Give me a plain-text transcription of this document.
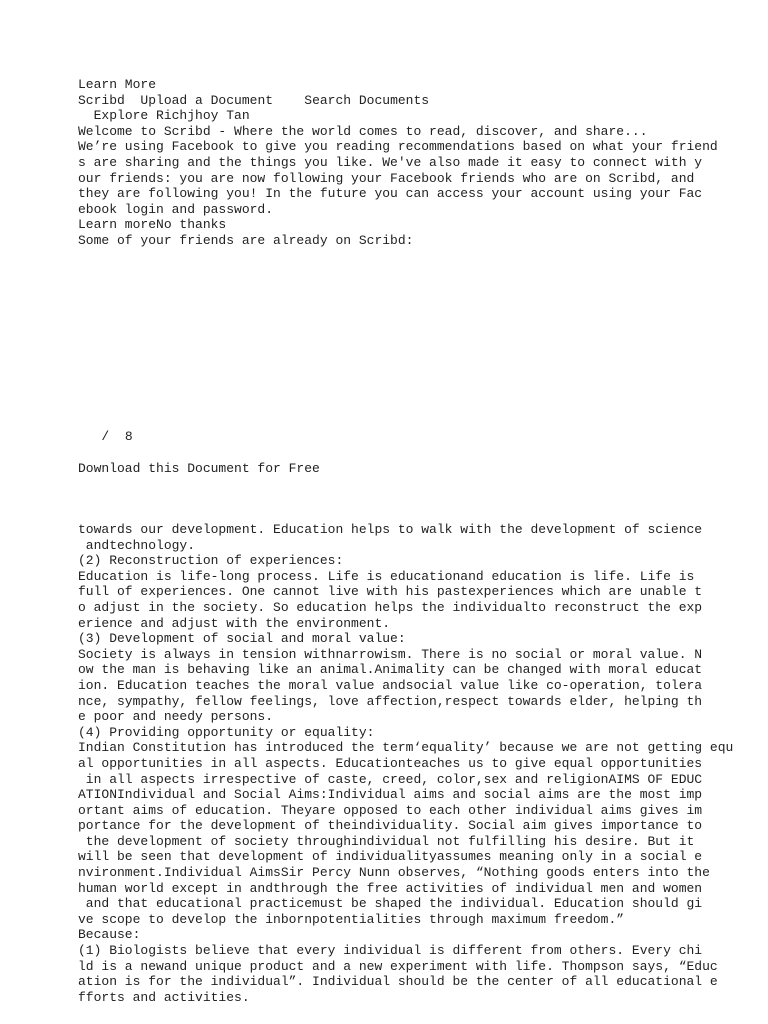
Learn More
Scribd Upload a Document Search Documents
Explore Richjhoy Tan
Welcome to Scribd - Where the world comes to read, discover, and share...
We’re using Facebook to give you reading recommendations based on what your friend
s are sharing and the things you like. We've also made it easy to connect with y
our friends: you are now following your Facebook friends who are on Scribd, and
they are following you! In the future you can access your account using your Fac
ebook login and password.
Learn moreNo thanks
Some of your friends are already on Scribd:
/ 8
Download this Document for Free
towards our development. Education helps to walk with the development of science
andtechnology.
(2) Reconstruction of experiences:
Education is life-long process. Life is educationand education is life. Life is
full of experiences. One cannot live with his pastexperiences which are unable t
o adjust in the society. So education helps the individualto reconstruct the exp
erience and adjust with the environment.
(3) Development of social and moral value:
Society is always in tension withnarrowism. There is no social or moral value. N
ow the man is behaving like an animal.Animality can be changed with moral educat
ion. Education teaches the moral value andsocial value like co-operation, tolera
nce, sympathy, fellow feelings, love affection,respect towards elder, helping th
e poor and needy persons.
(4) Providing opportunity or equality:
Indian Constitution has introduced the term‘equality’ because we are not getting equ
al opportunities in all aspects. Educationteaches us to give equal opportunities
in all aspects irrespective of caste, creed, color,sex and religionAIMS OF EDUC
ATIONIndividual and Social Aims:Individual aims and social aims are the most imp
ortant aims of education. Theyare opposed to each other individual aims gives im
portance for the development of theindividuality. Social aim gives importance to
the development of society throughindividual not fulfilling his desire. But it
will be seen that development of individualityassumes meaning only in a social e
nvironment.Individual AimsSir Percy Nunn observes, “Nothing goods enters into the
human world except in andthrough the free activities of individual men and women
and that educational practicemust be shaped the individual. Education should gi
ve scope to develop the inbornpotentialities through maximum freedom.”
Because:
(1) Biologists believe that every individual is different from others. Every chi
ld is a newand unique product and a new experiment with life. Thompson says, “Educ
ation is for the individual”. Individual should be the center of all educational e
fforts and activities.
